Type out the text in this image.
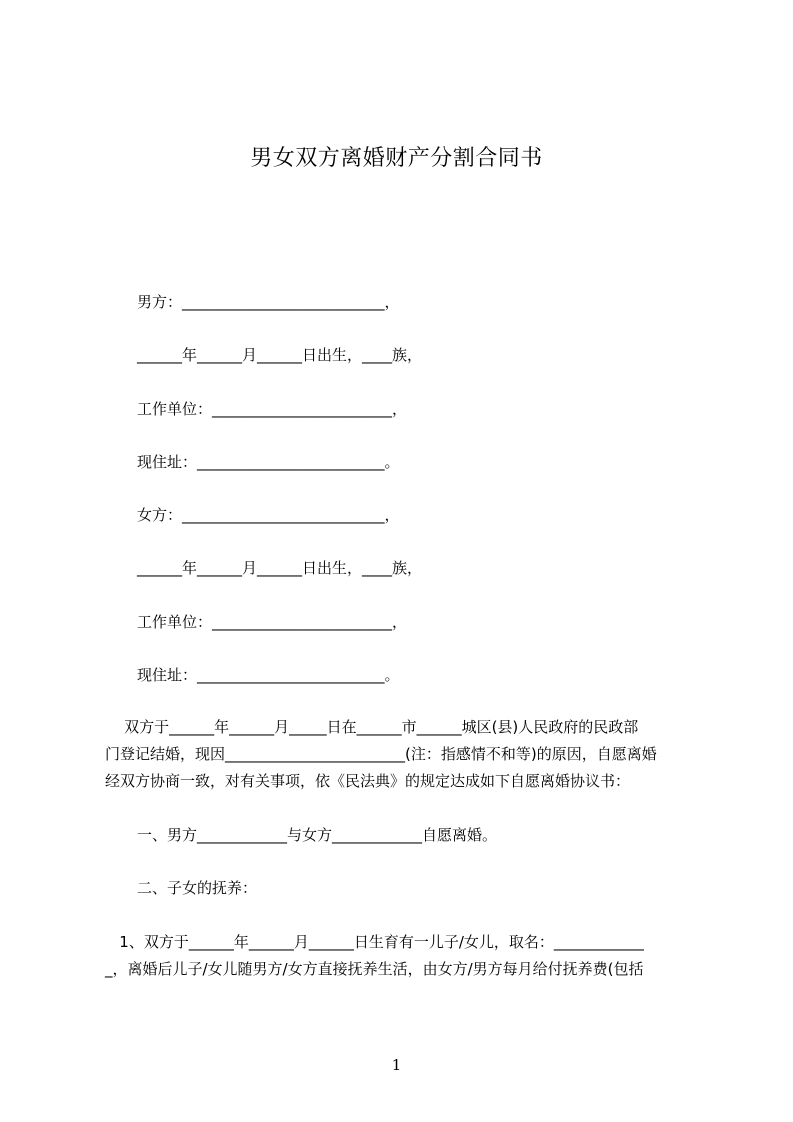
男女双方离婚财产分割合同书
男方：___________________________，
______年______月______日出生，____族，
工作单位：________________________，
现住址：_________________________。
女方：___________________________，
______年______月______日出生，____族，
工作单位：________________________，
现住址：_________________________。
双方于______年______月_____日在______市______城区(县)人民政府的民政部
门登记结婚，现因________________________(注：指感情不和等)的原因，自愿离婚
经双方协商一致，对有关事项，依《民法典》的规定达成如下自愿离婚协议书：
一、男方____________与女方____________自愿离婚。
二、子女的抚养：
1、双方于______年______月______日生育有一儿子/女儿，取名：____________
_，离婚后儿子/女儿随男方/女方直接抚养生活，由女方/男方每月给付抚养费(包括
1
